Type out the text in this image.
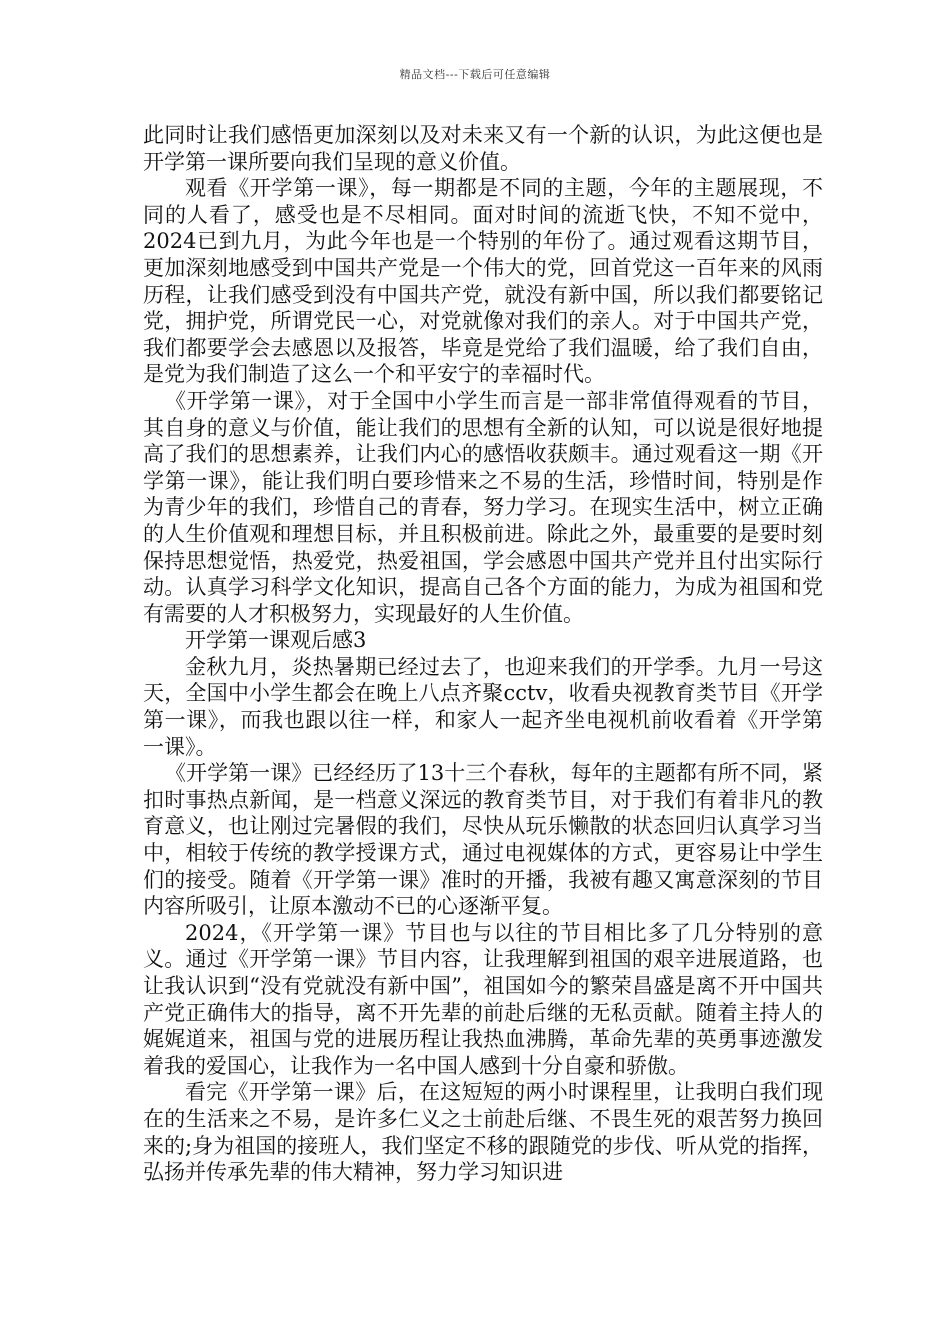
精品文档---下载后可任意编辑

此同时让我们感悟更加深刻以及对未来又有一个新的认识，为此这便也是开学第一课所要向我们呈现的意义价值。

观看《开学第一课》，每一期都是不同的主题，今年的主题展现，不同的人看了，感受也是不尽相同。面对时间的流逝飞快，不知不觉中，2024已到九月，为此今年也是一个特别的年份了。通过观看这期节目，更加深刻地感受到中国共产党是一个伟大的党，回首党这一百年来的风雨历程，让我们感受到没有中国共产党，就没有新中国，所以我们都要铭记党，拥护党，所谓党民一心，对党就像对我们的亲人。对于中国共产党，我们都要学会去感恩以及报答，毕竟是党给了我们温暖，给了我们自由，是党为我们制造了这么一个和平安宁的幸福时代。

《开学第一课》，对于全国中小学生而言是一部非常值得观看的节目，其自身的意义与价值，能让我们的思想有全新的认知，可以说是很好地提高了我们的思想素养，让我们内心的感悟收获颇丰。通过观看这一期《开学第一课》，能让我们明白要珍惜来之不易的生活，珍惜时间，特别是作为青少年的我们，珍惜自己的青春，努力学习。在现实生活中，树立正确的人生价值观和理想目标，并且积极前进。除此之外，最重要的是要时刻保持思想觉悟，热爱党，热爱祖国，学会感恩中国共产党并且付出实际行动。认真学习科学文化知识，提高自己各个方面的能力，为成为祖国和党有需要的人才积极努力，实现最好的人生价值。

开学第一课观后感3

金秋九月，炎热暑期已经过去了，也迎来我们的开学季。九月一号这天，全国中小学生都会在晚上八点齐聚cctv，收看央视教育类节目《开学第一课》，而我也跟以往一样，和家人一起齐坐电视机前收看着《开学第一课》。

《开学第一课》已经经历了13十三个春秋，每年的主题都有所不同，紧扣时事热点新闻，是一档意义深远的教育类节目，对于我们有着非凡的教育意义，也让刚过完暑假的我们，尽快从玩乐懒散的状态回归认真学习当中，相较于传统的教学授课方式，通过电视媒体的方式，更容易让中学生们的接受。随着《开学第一课》准时的开播，我被有趣又寓意深刻的节目内容所吸引，让原本激动不已的心逐渐平复。

2024，《开学第一课》节目也与以往的节目相比多了几分特别的意义。通过《开学第一课》节目内容，让我理解到祖国的艰辛进展道路，也让我认识到“没有党就没有新中国”，祖国如今的繁荣昌盛是离不开中国共产党正确伟大的指导，离不开先辈的前赴后继的无私贡献。随着主持人的娓娓道来，祖国与党的进展历程让我热血沸腾，革命先辈的英勇事迹激发着我的爱国心，让我作为一名中国人感到十分自豪和骄傲。

看完《开学第一课》后，在这短短的两小时课程里，让我明白我们现在的生活来之不易，是许多仁义之士前赴后继、不畏生死的艰苦努力换回来的;身为祖国的接班人，我们坚定不移的跟随党的步伐、听从党的指挥，弘扬并传承先辈的伟大精神，努力学习知识进
